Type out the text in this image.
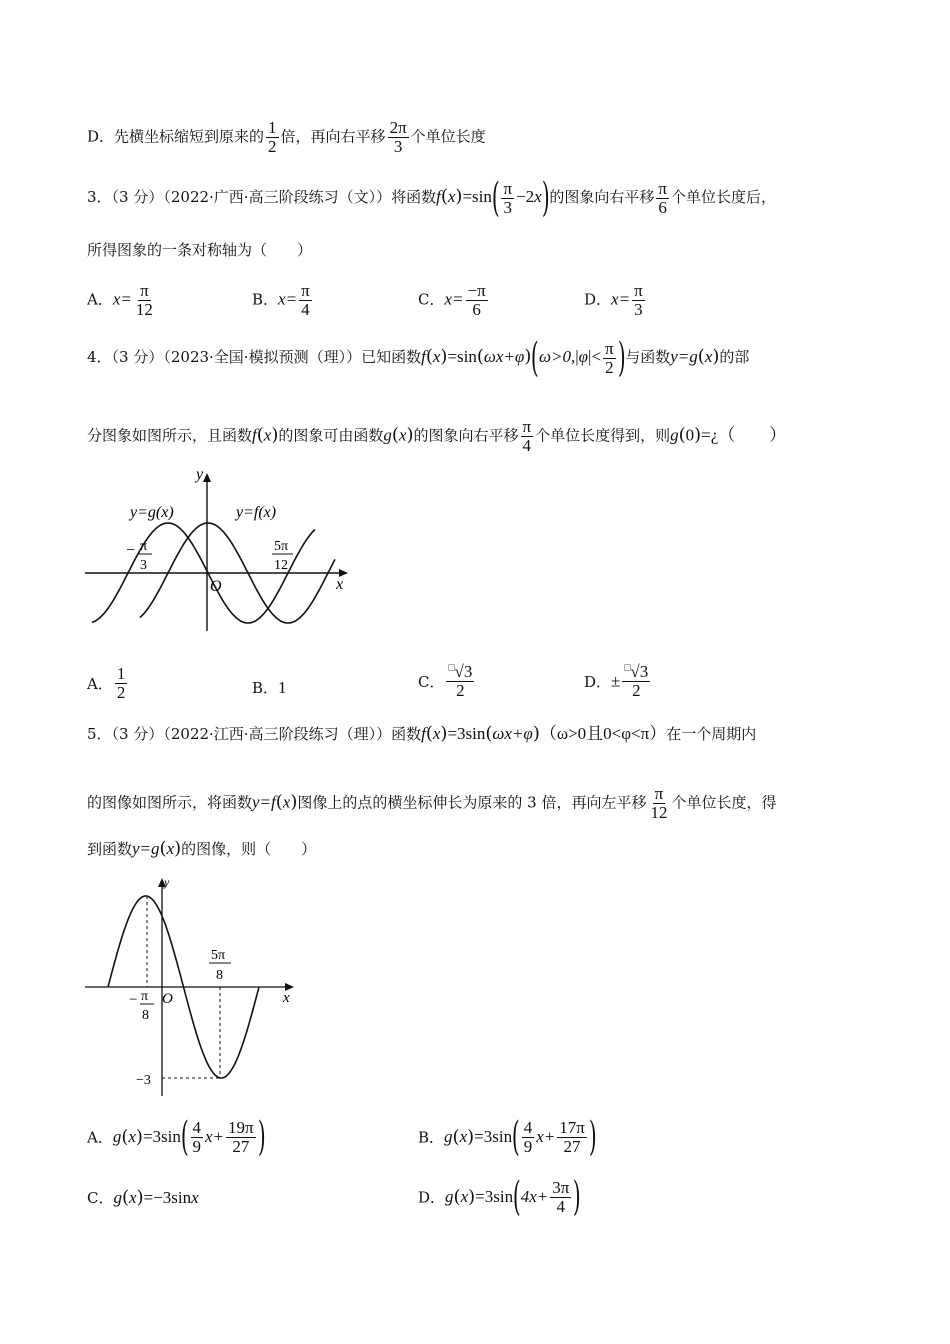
D．先横坐标缩短到原来的 $\frac{1}{2}$ 倍，再向右平移 $\frac{2\pi}{3}$ 个单位长度
3．（3 分）（2022·广西·高三阶段练习（文））将函数$f(x)=\sin( \frac{\pi}{3} -2x)$的图象向右平移 $\frac{\pi}{6}$ 个单位长度后，
所得图象的一条对称轴为（　　）
A．$x= \frac{\pi}{12}$	B．$x= \frac{\pi}{4}$	C．$x= \frac{-\pi}{6}$	D．$x= \frac{\pi}{3}$
4．（3 分）（2023·全国·模拟预测（理））已知函数$f(x)=\sin(\omega x+\varphi)(\omega>0,|\varphi|< \frac{\pi}{2}$ )与函数y=g(x)的部
分图象如图所示，且函数f(x)的图象可由函数g(x)的图象向右平移 $\frac{\pi}{4}$ 个单位长度得到，则g(0)=¿（　　）
y
x
O
y=g(x)	y=f(x)
− π
3
5π
12
A． $\frac{1}{2}$	B．1	C． $\frac{^□√3}{2}$	D．± $\frac{^□√3}{2}$
5．（3 分）（2022·江西·高三阶段练习（理））函数f(x)=3sin(ωx+φ)（ω>0且0<φ<π）在一个周期内
的图像如图所示，将函数y=f(x)图像上的点的横坐标伸长为原来的 3 倍，再向左平移 $\frac{\pi}{12}$ 个单位长度，得
到函数y=g(x)的图像，则（　　）
y
x
O
− π
8
5π
8
−3
A．$g(x)=3\sin( \frac{4}{9} x+ \frac{19\pi}{27}$ )	B．$g(x)=3\sin( \frac{4}{9} x+ \frac{17\pi}{27}$ )
C．g(x)=−3sinx	D．$g(x)=3\sin(4x+ \frac{3\pi}{4}$ )
